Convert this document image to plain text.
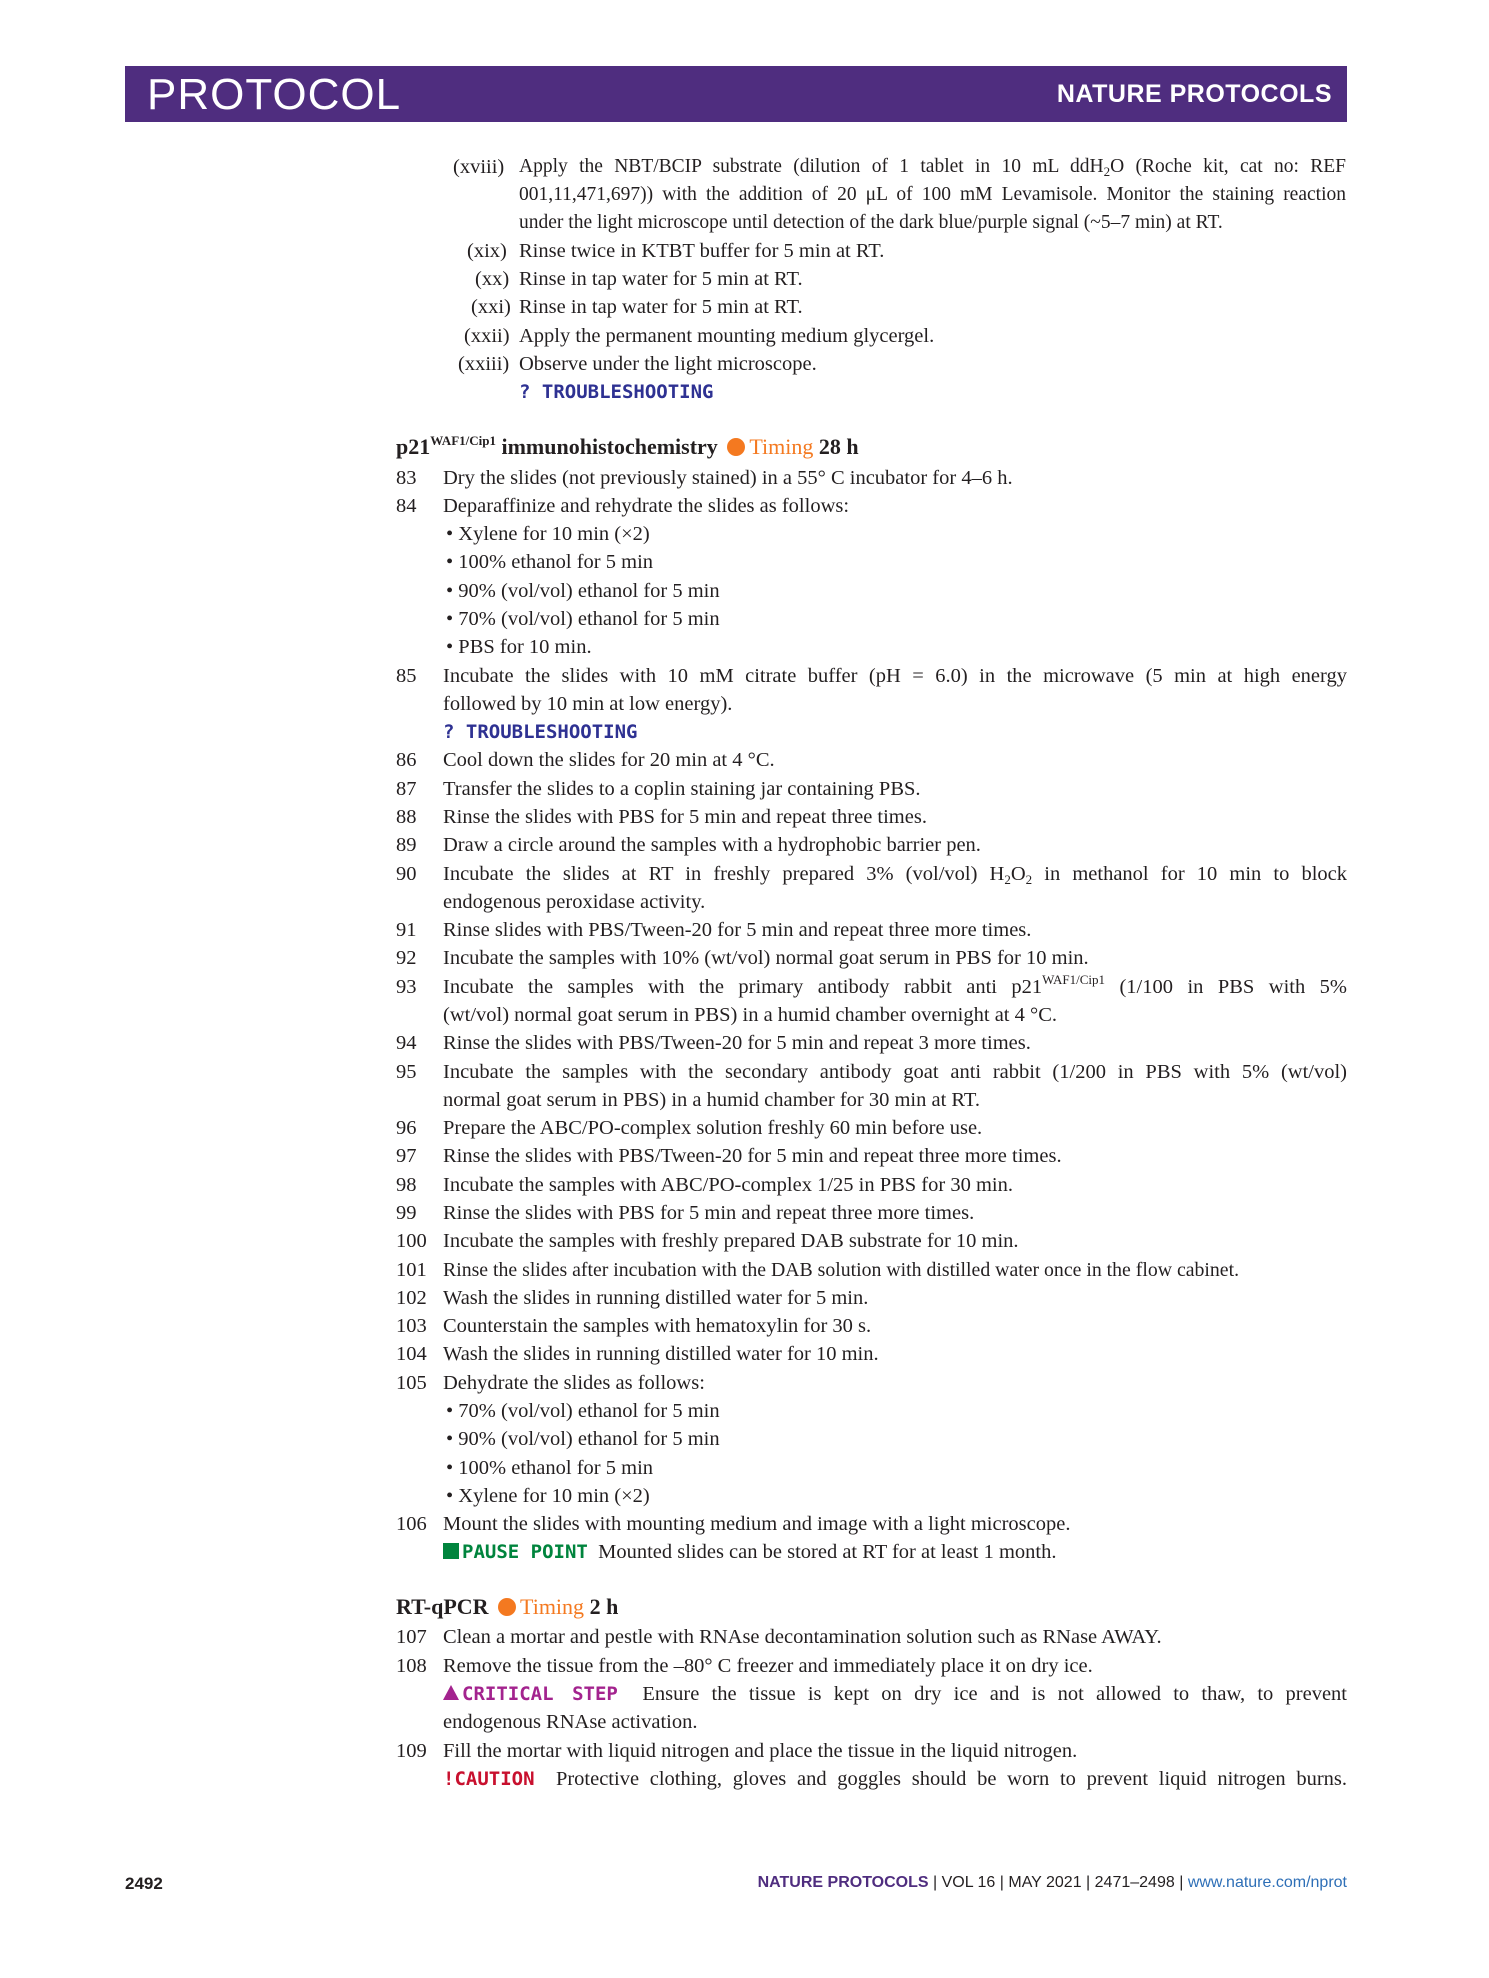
PROTOCOL	NATURE PROTOCOLS
(xviii) Apply the NBT/BCIP substrate (dilution of 1 tablet in 10 mL ddH$_2$O (Roche kit, cat no: REF
001,11,471,697)) with the addition of 20 μL of 100 mM Levamisole. Monitor the staining reaction
under the light microscope until detection of the dark blue/purple signal (~5–7 min) at RT.
(xix) Rinse twice in KTBT buffer for 5 min at RT.
(xx) Rinse in tap water for 5 min at RT.
(xxi) Rinse in tap water for 5 min at RT.
(xxii) Apply the permanent mounting medium glycergel.
(xxiii) Observe under the light microscope.
? TROUBLESHOOTING
$p21^{WAF1/Cip1}$ immunohistochemistry Timing 28 h
83 Dry the slides (not previously stained) in a 55° C incubator for 4–6 h.
84 Deparaffinize and rehydrate the slides as follows:
• Xylene for 10 min (×2)
• 100% ethanol for 5 min
• 90% (vol/vol) ethanol for 5 min
• 70% (vol/vol) ethanol for 5 min
• PBS for 10 min.
85 Incubate the slides with 10 mM citrate buffer (pH = 6.0) in the microwave (5 min at high energy
followed by 10 min at low energy).
? TROUBLESHOOTING
86 Cool down the slides for 20 min at 4 °C.
87 Transfer the slides to a coplin staining jar containing PBS.
88 Rinse the slides with PBS for 5 min and repeat three times.
89 Draw a circle around the samples with a hydrophobic barrier pen.
90 Incubate the slides at RT in freshly prepared 3% (vol/vol) $H_2O_2$ in methanol for 10 min to block
endogenous peroxidase activity.
91 Rinse slides with PBS/Tween-20 for 5 min and repeat three more times.
92 Incubate the samples with 10% (wt/vol) normal goat serum in PBS for 10 min.
93 Incubate the samples with the primary antibody rabbit anti $p21^{WAF1/Cip1}$ (1/100 in PBS with 5%
(wt/vol) normal goat serum in PBS) in a humid chamber overnight at 4 °C.
94 Rinse the slides with PBS/Tween-20 for 5 min and repeat 3 more times.
95 Incubate the samples with the secondary antibody goat anti rabbit (1/200 in PBS with 5% (wt/vol)
normal goat serum in PBS) in a humid chamber for 30 min at RT.
96 Prepare the ABC/PO-complex solution freshly 60 min before use.
97 Rinse the slides with PBS/Tween-20 for 5 min and repeat three more times.
98 Incubate the samples with ABC/PO-complex 1/25 in PBS for 30 min.
99 Rinse the slides with PBS for 5 min and repeat three more times.
100 Incubate the samples with freshly prepared DAB substrate for 10 min.
101 Rinse the slides after incubation with the DAB solution with distilled water once in the flow cabinet.
102 Wash the slides in running distilled water for 5 min.
103 Counterstain the samples with hematoxylin for 30 s.
104 Wash the slides in running distilled water for 10 min.
105 Dehydrate the slides as follows:
• 70% (vol/vol) ethanol for 5 min
• 90% (vol/vol) ethanol for 5 min
• 100% ethanol for 5 min
• Xylene for 10 min (×2)
106 Mount the slides with mounting medium and image with a light microscope.
PAUSE POINT Mounted slides can be stored at RT for at least 1 month.
RT-qPCR Timing 2 h
107 Clean a mortar and pestle with RNAse decontamination solution such as RNase AWAY.
108 Remove the tissue from the –80° C freezer and immediately place it on dry ice.
CRITICAL STEP Ensure the tissue is kept on dry ice and is not allowed to thaw, to prevent
endogenous RNAse activation.
109 Fill the mortar with liquid nitrogen and place the tissue in the liquid nitrogen.
!CAUTION Protective clothing, gloves and goggles should be worn to prevent liquid nitrogen burns.
2492	NATURE PROTOCOLS | VOL 16 | MAY 2021 | 2471–2498 | www.nature.com/nprot
